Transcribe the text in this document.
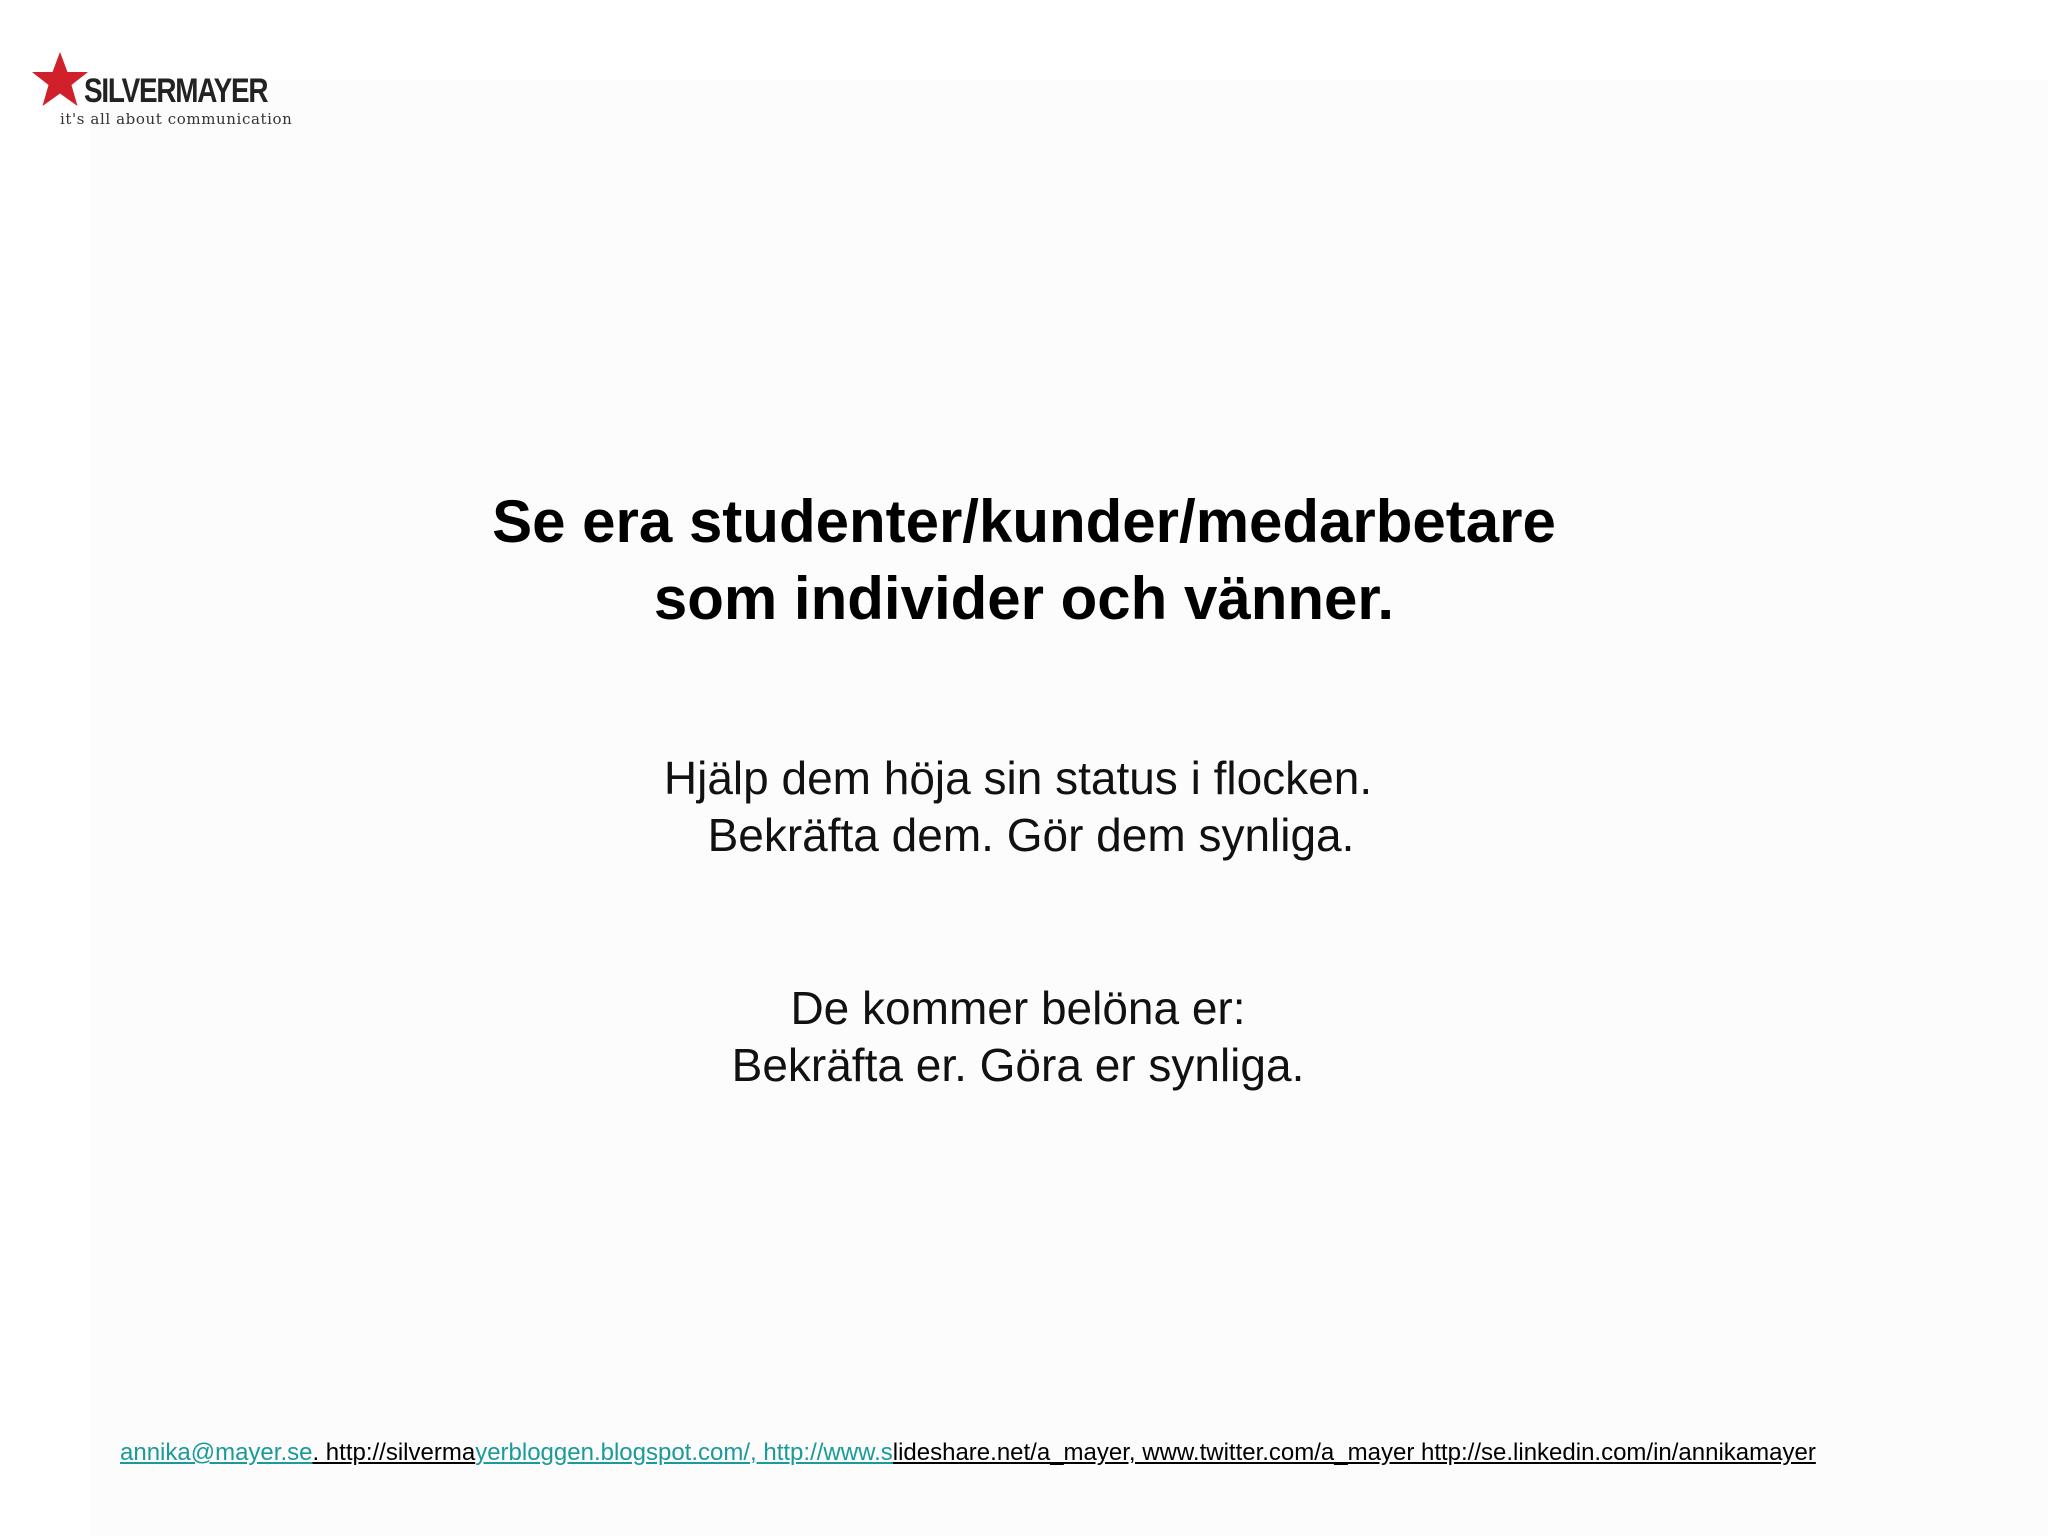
SILVERMAYER
it's all about communication
Se era studenter/kunder/medarbetare
som individer och vänner.

Hjälp dem höja sin status i flocken.
Bekräfta dem. Gör dem synliga.

De kommer belöna er:
Bekräfta er. Göra er synliga.

annika@mayer.se. http://silvermayerbloggen.blogspot.com/, http://www.slideshare.net/a_mayer, www.twitter.com/a_mayer http://se.linkedin.com/in/annikamayer
